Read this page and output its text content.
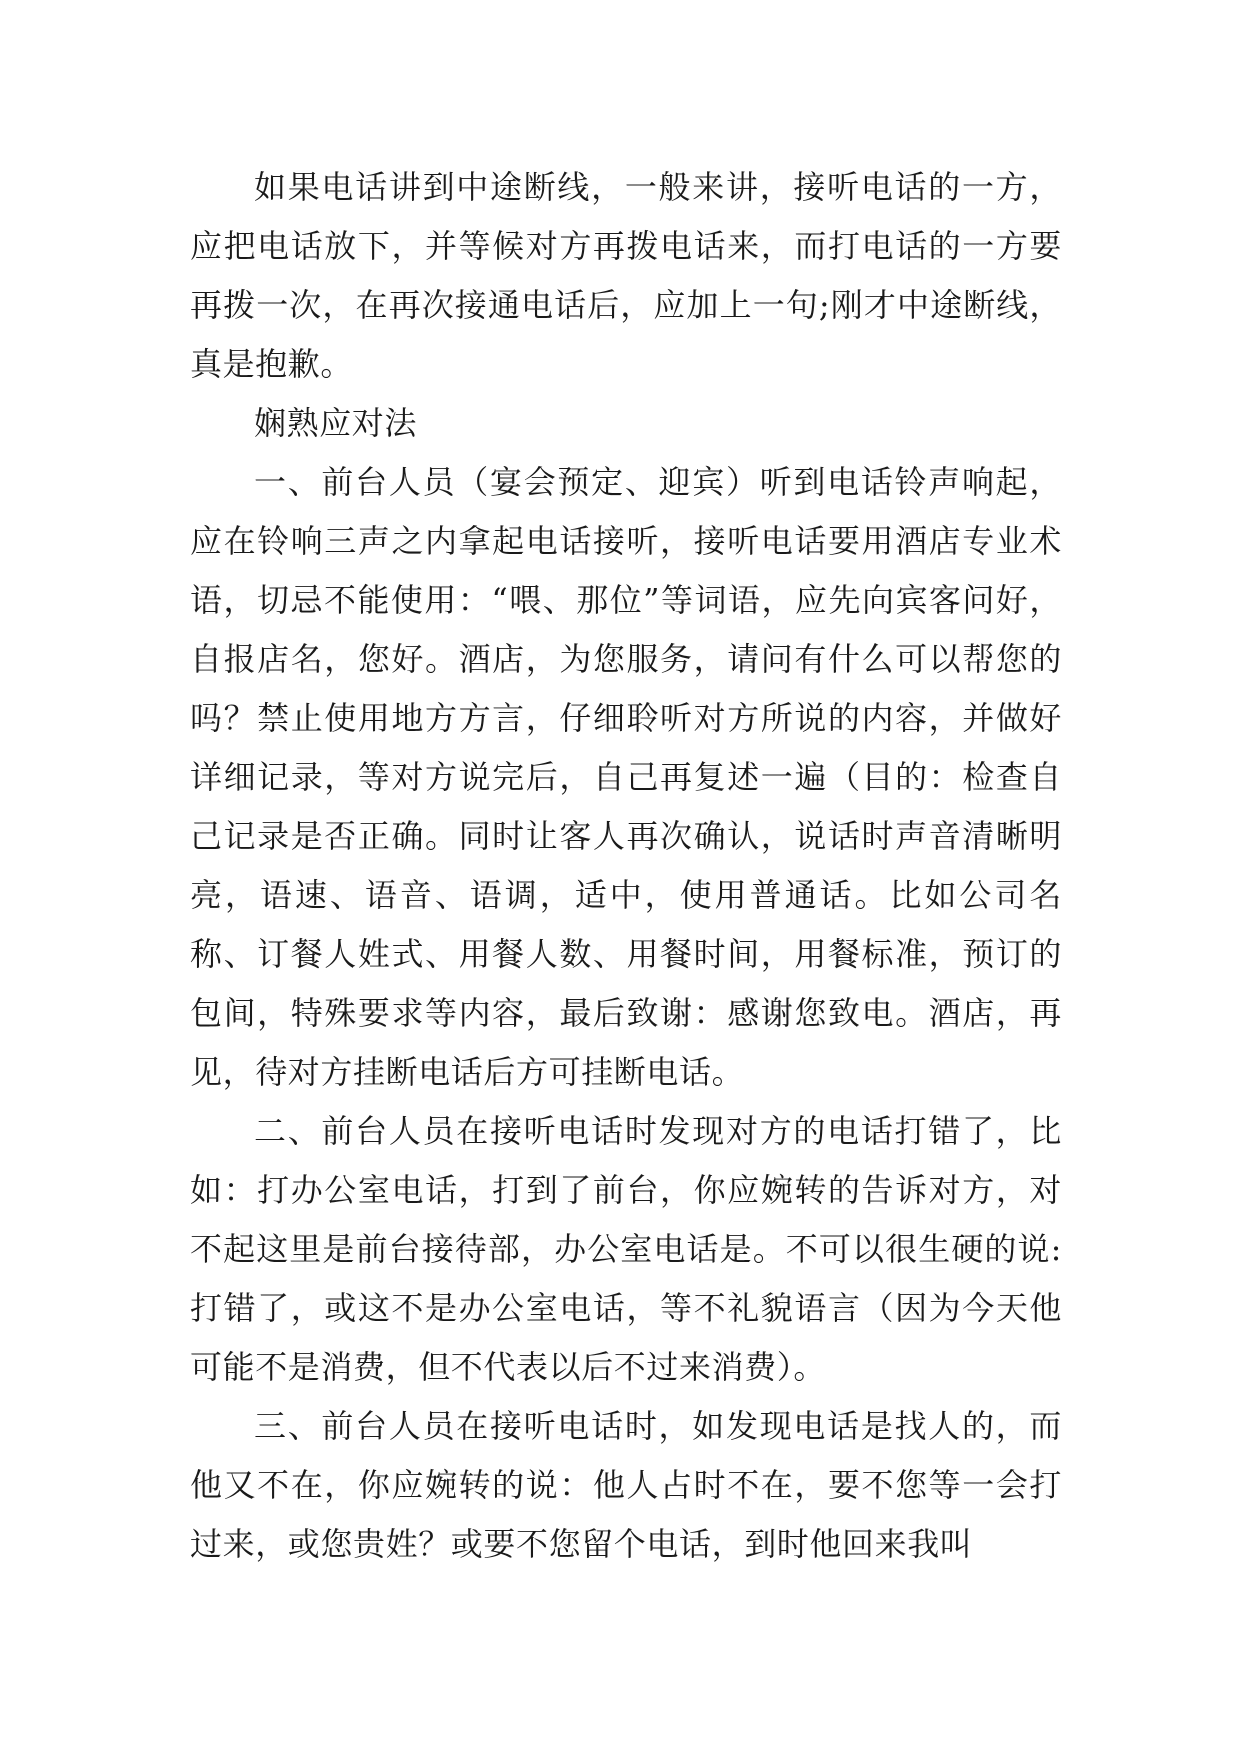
如果电话讲到中途断线，一般来讲，接听电话的一方，应把电话放下，并等候对方再拨电话来，而打电话的一方要再拨一次，在再次接通电话后，应加上一句;刚才中途断线，真是抱歉。

娴熟应对法

一、前台人员（宴会预定、迎宾）听到电话铃声响起，应在铃响三声之内拿起电话接听，接听电话要用酒店专业术语，切忌不能使用：“喂、那位”等词语，应先向宾客问好，自报店名，您好。酒店，为您服务，请问有什么可以帮您的吗？禁止使用地方方言，仔细聆听对方所说的内容，并做好详细记录，等对方说完后，自己再复述一遍（目的：检查自己记录是否正确。同时让客人再次确认，说话时声音清晰明亮，语速、语音、语调，适中，使用普通话。比如公司名称、订餐人姓式、用餐人数、用餐时间，用餐标准，预订的包间，特殊要求等内容，最后致谢：感谢您致电。酒店，再见，待对方挂断电话后方可挂断电话。

二、前台人员在接听电话时发现对方的电话打错了，比如：打办公室电话，打到了前台，你应婉转的告诉对方，对不起这里是前台接待部，办公室电话是。不可以很生硬的说:打错了，或这不是办公室电话，等不礼貌语言（因为今天他可能不是消费，但不代表以后不过来消费）。

三、前台人员在接听电话时，如发现电话是找人的，而他又不在，你应婉转的说：他人占时不在，要不您等一会打过来，或您贵姓？或要不您留个电话，到时他回来我叫
